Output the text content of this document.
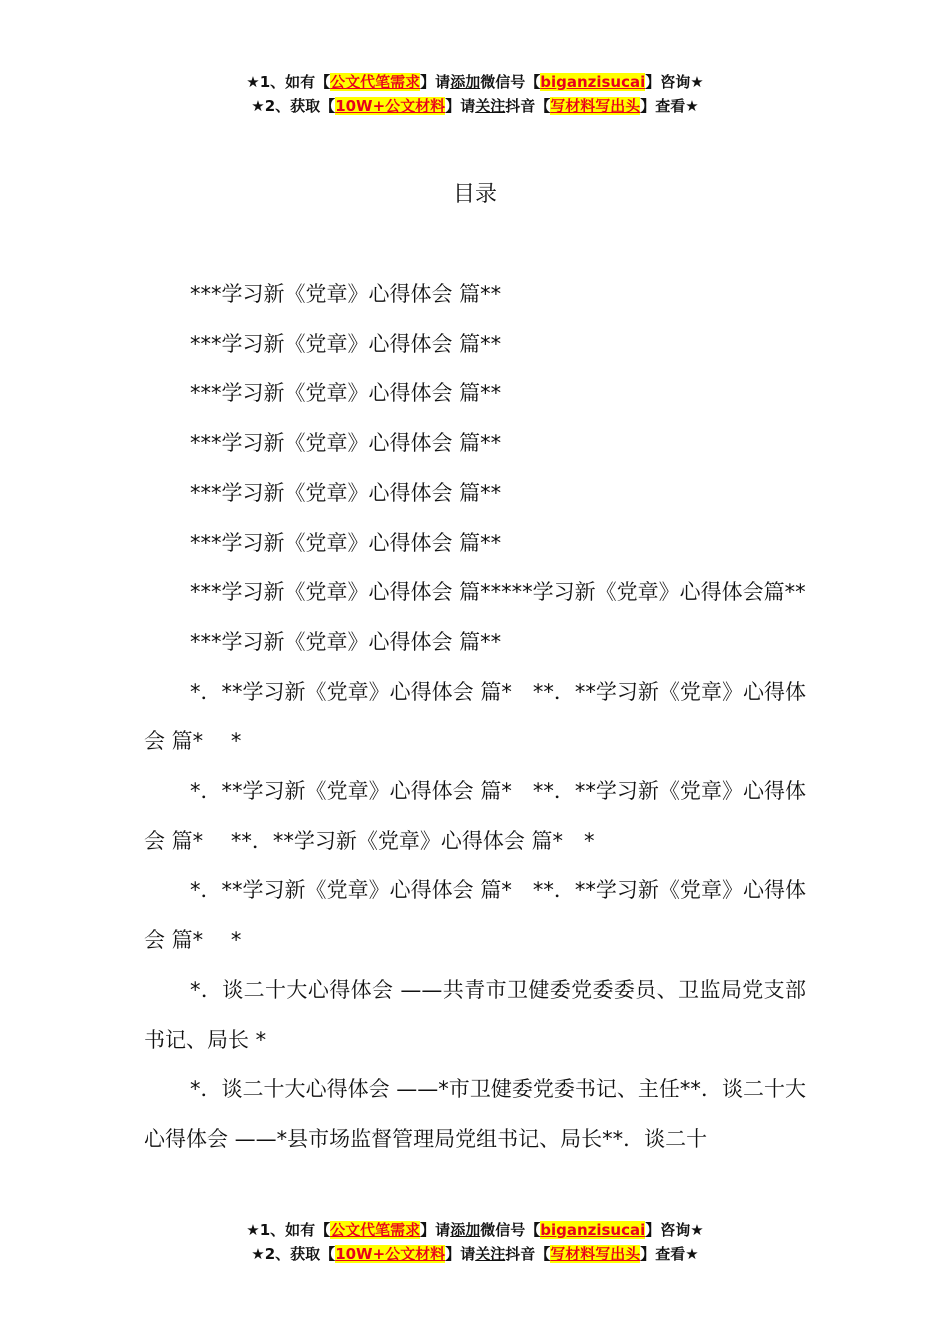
★1、如有【公文代笔需求】请添加微信号【biganzisucai】咨询★
★2、获取【10W+公文材料】请关注抖音【写材料写出头】查看★
目录

***学习新《党章》心得体会 篇**

***学习新《党章》心得体会 篇**

***学习新《党章》心得体会 篇**

***学习新《党章》心得体会 篇**

***学习新《党章》心得体会 篇**

***学习新《党章》心得体会 篇**

***学习新《党章》心得体会 篇*****学习新《党章》心得体会篇**

***学习新《党章》心得体会 篇**

*．**学习新《党章》心得体会 篇*　**．**学习新《党章》心得体会 篇*　 *

*．**学习新《党章》心得体会 篇*　**．**学习新《党章》心得体会 篇*　 **．**学习新《党章》心得体会 篇*　*

*．**学习新《党章》心得体会 篇*　**．**学习新《党章》心得体会 篇*　 *

*．谈二十大心得体会 ——共青市卫健委党委委员、卫监局党支部书记、局长 *

*．谈二十大心得体会 ——*市卫健委党委书记、主任**．谈二十大心得体会 ——*县市场监督管理局党组书记、局长**．谈二十

★1、如有【公文代笔需求】请添加微信号【biganzisucai】咨询★
★2、获取【10W+公文材料】请关注抖音【写材料写出头】查看★
